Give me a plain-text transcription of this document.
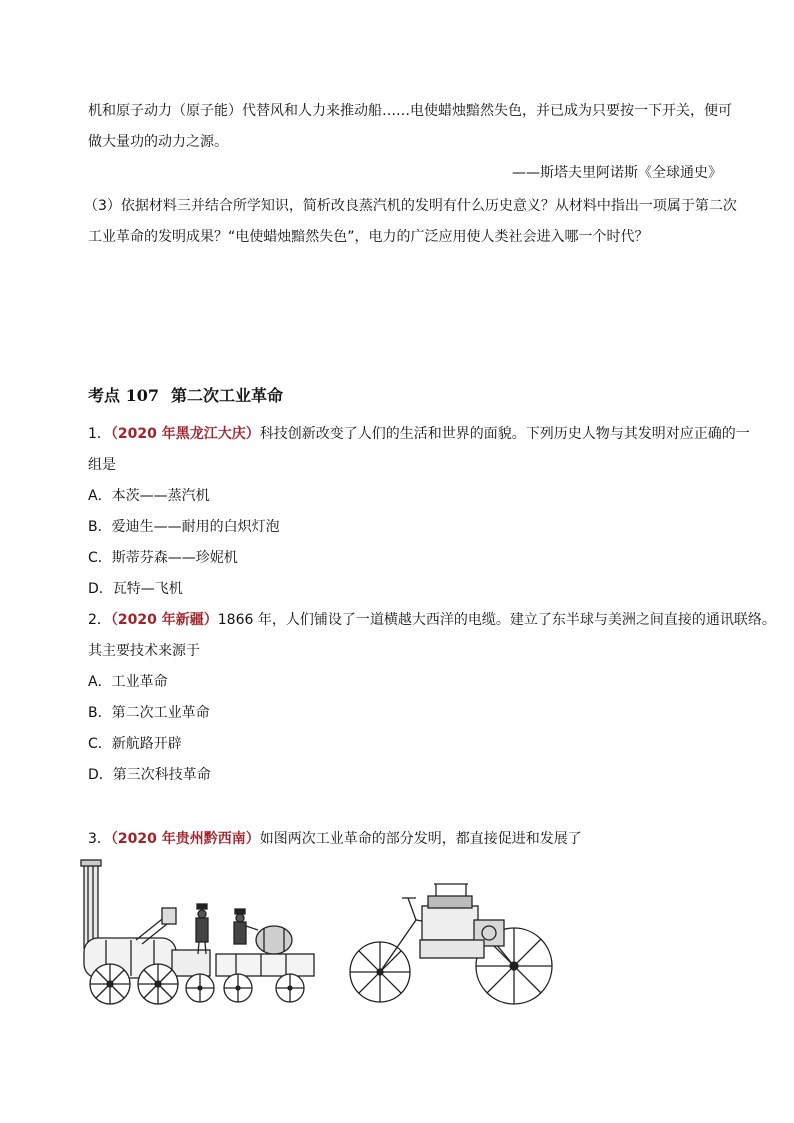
机和原子动力（原子能）代替风和人力来推动船……电使蜡烛黯然失色，并已成为只要按一下开关，便可
做大量功的动力之源。
——斯塔夫里阿诺斯《全球通史》
（3）依据材料三并结合所学知识，简析改良蒸汽机的发明有什么历史意义？从材料中指出一项属于第二次
工业革命的发明成果？“电使蜡烛黯然失色”，电力的广泛应用使人类社会进入哪一个时代？
考点 107 第二次工业革命
1．（2020 年黑龙江大庆）科技创新改变了人们的生活和世界的面貌。下列历史人物与其发明对应正确的一
组是
A．本茨——蒸汽机
B．爱迪生——耐用的白炽灯泡
C．斯蒂芬森——珍妮机
D．瓦特—飞机
2．（2020 年新疆）1866 年，人们铺设了一道横越大西洋的电缆。建立了东半球与美洲之间直接的通讯联络。
其主要技术来源于
A．工业革命
B．第二次工业革命
C．新航路开辟
D．第三次科技革命
3．（2020 年贵州黔西南）如图两次工业革命的部分发明，都直接促进和发展了
